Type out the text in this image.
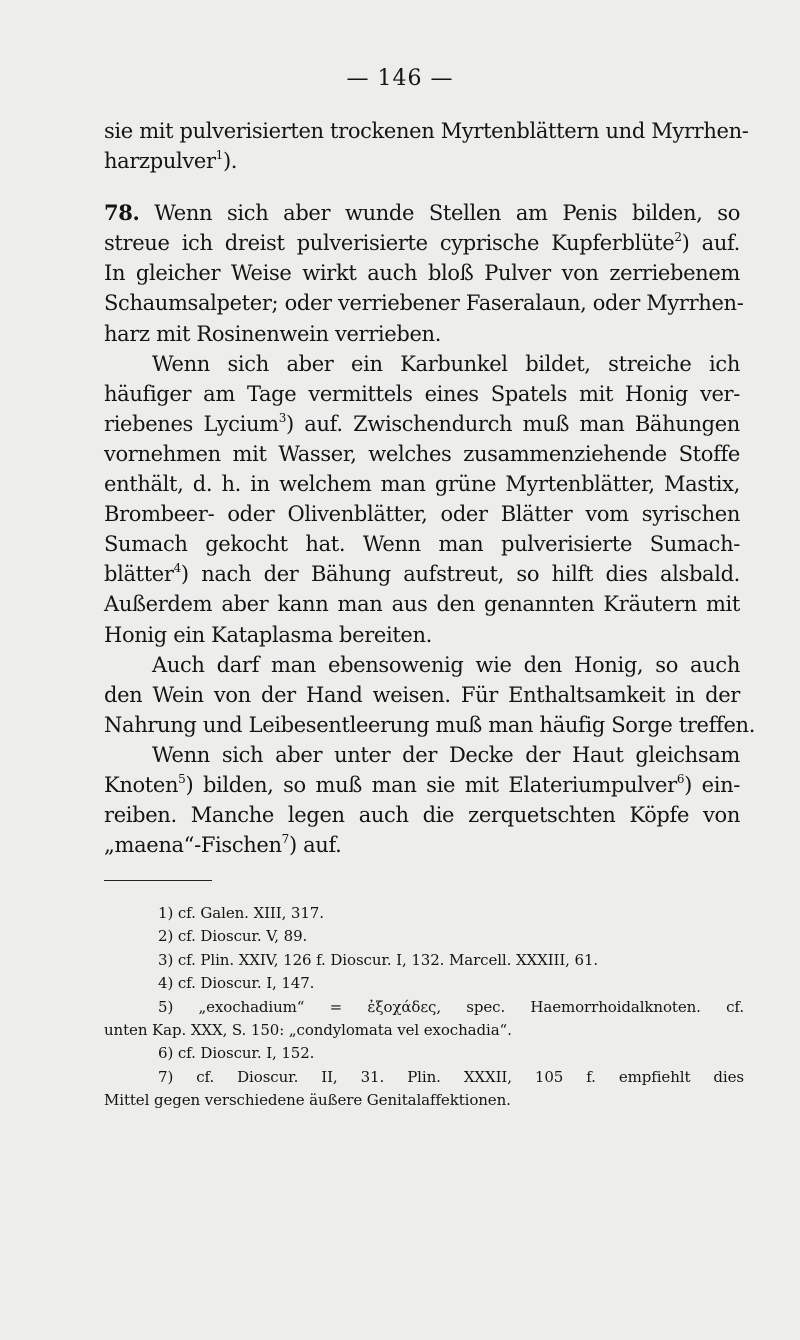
— 146 —
sie mit pulverisierten trockenen Myrtenblättern und Myrrhen-
harzpulver$^1$).
78. Wenn sich aber wunde Stellen am Penis bilden, so
streue ich dreist pulverisierte cyprische Kupferblüte$^2$) auf.
In gleicher Weise wirkt auch bloß Pulver von zerriebenem
Schaumsalpeter; oder verriebener Faseralaun, oder Myrrhen-
harz mit Rosinenwein verrieben.
Wenn sich aber ein Karbunkel bildet, streiche ich
häufiger am Tage vermittels eines Spatels mit Honig ver-
riebenes Lycium$^3$) auf. Zwischendurch muß man Bähungen
vornehmen mit Wasser, welches zusammenziehende Stoffe
enthält, d. h. in welchem man grüne Myrtenblätter, Mastix,
Brombeer- oder Olivenblätter, oder Blätter vom syrischen
Sumach gekocht hat. Wenn man pulverisierte Sumach-
blätter$^4$) nach der Bähung aufstreut, so hilft dies alsbald.
Außerdem aber kann man aus den genannten Kräutern mit
Honig ein Kataplasma bereiten.
Auch darf man ebensowenig wie den Honig, so auch
den Wein von der Hand weisen. Für Enthaltsamkeit in der
Nahrung und Leibesentleerung muß man häufig Sorge treffen.
Wenn sich aber unter der Decke der Haut gleichsam
Knoten$^5$) bilden, so muß man sie mit Elateriumpulver$^6$) ein-
reiben. Manche legen auch die zerquetschten Köpfe von
„maena“-Fischen$^7$) auf.
1) cf. Galen. XIII, 317.
2) cf. Dioscur. V, 89.
3) cf. Plin. XXIV, 126 f. Dioscur. I, 132. Marcell. XXXIII, 61.
4) cf. Dioscur. I, 147.
5) „exochadium“ = ἐξοχάδες, spec. Haemorrhoidalknoten. cf.
unten Kap. XXX, S. 150: „condylomata vel exochadia“.
6) cf. Dioscur. I, 152.
7) cf. Dioscur. II, 31. Plin. XXXII, 105 f. empfiehlt dies
Mittel gegen verschiedene äußere Genitalaffektionen.
